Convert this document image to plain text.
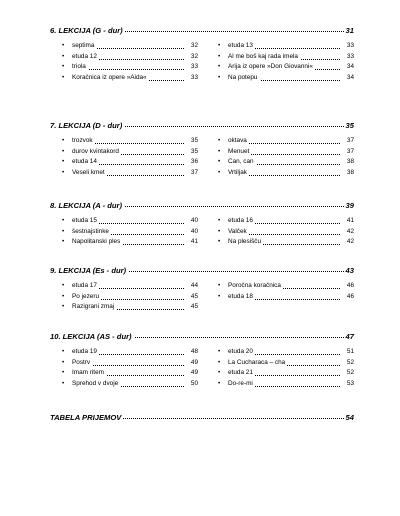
6. LEKCIJA (G - dur)	31
• septima	32
• etuda 12	32
• triola	33
• Koračnica iz opere »Aida«	33
• etuda 13	33
• Al me boš kaj rada imela	33
• Arija iz opere »Don Giovanni«	34
• Na potepu	34
7. LEKCIJA (D - dur)	35
• trozvok	35
• durov kvintakord	35
• etuda 14	36
• Veseli kmet	37
• oktava	37
• Menuet	37
• Can, can	38
• Vrtiljak	38
8. LEKCIJA (A - dur)	39
• etuda 15	40
• šestnajstinke	40
• Napolitanski ples	41
• etuda 16	41
• Valček	42
• Na plesišču	42
9. LEKCIJA (Es - dur)	43
• etuda 17	44
• Po jezeru	45
• Razigrani zmaj	45
• Poročna koračnica	46
• etuda 18	46
10. LEKCIJA (AS - dur)	47
• etuda 19	48
• Postrv	49
• Imam ritem	49
• Sprehod v dvoje	50
• etuda 20	51
• La Cucharaca – cha	52
• etuda 21	52
• Do-re-mi	53
TABELA PRIJEMOV	54
